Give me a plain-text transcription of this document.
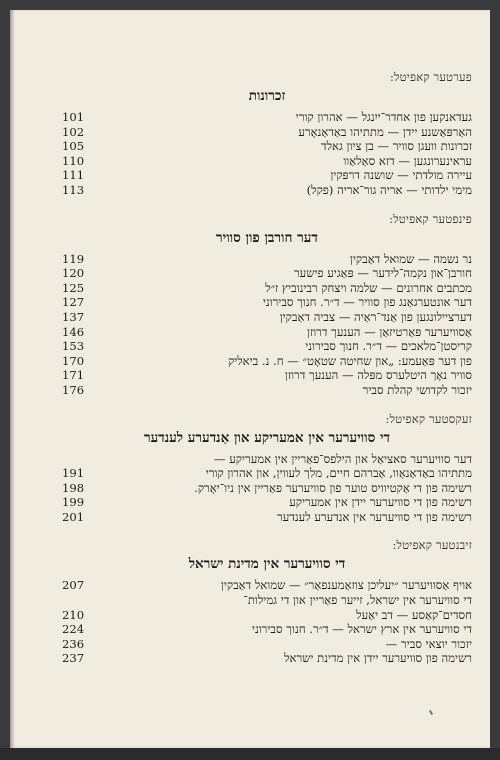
פערטער קאפיטל:
זכרונות
געדאנקען פון אחדר־ייִנגל — אהרון קורי
101
האַרפּאַשנע יידן — מתתיהו באַדאַנאָרע
102
זכרונות וועגן סוויר — בן ציון גאלד
105
עראינערונגען — דזא סאַלאַוו
110
עיירה מולדתי — שושנה דרפּקין
111
מימי ילדותי — אריה גור־אריה (פקל)
113
פינפטער קאפיטל:
דער חורבן פון סוויר
נר נשמה — שמואל דאַבקין
119
חורבן־און נקמה־לידער — פּאַגיע פישער
120
מכתבים אחרונים — שלמה ויצחק רבינוביץ ז״ל
125
דער אונטערגאַנג פון סוויר — ד״ר. חנוך סבירוני
127
דערציילונגען פון אַנד־ראַיה — צביה דאַבקין
137
אַסוויערער פּאַרטיזאַן — הענעך דרוזן
146
קריסטן־מלאכים — ד״ר. חנוך סבירוני
153
פון דער פּאַעמע: „און שחיטה שטאָט״ — ח. נ. ביאליק
170
סוויר נאָך היטלערס מפּלה — הענעך דרוזן
171
יזכור לקדושי קהלת סביר
176
זעקסטער קאפיטל:
די סוויערער אין אמעריקע און אַנדערע לענדער
דער סוויערער סאציאַל און הילפס־פאַריין אין אמעריקע —
מתתיהו באַדאַנאָוו, אַברהם חיים, מלך לעווין, און אהרון קורי
191
רשימה פון די אַקטיוויס טוער פון סוויערער פאַריין אין ניו־יאָרק.
198
רשימה פון די סוויערער יידן אין אמעריקע
199
רשימה פון די סוויערער אין אנדערע לענדער
201
זיבנטער קאפיטל:
די סוויערער אין מדינת ישראל
אויף אַסוויערער ״יעליכן צוזאַמענפאַר״ — שמואל דאַבקין
207
די סוויערער אין ישראל, זייער פאַריין און די גמילות־
חסדים־קאַסע — דב יאַעל
210
די סוויערער אין ארץ ישראל — ד״ר. חנוך סבירוני
224
יזכור יוצאי סביר —
236
רשימה פון סוויערער יידן אין מדינת ישראל
237
